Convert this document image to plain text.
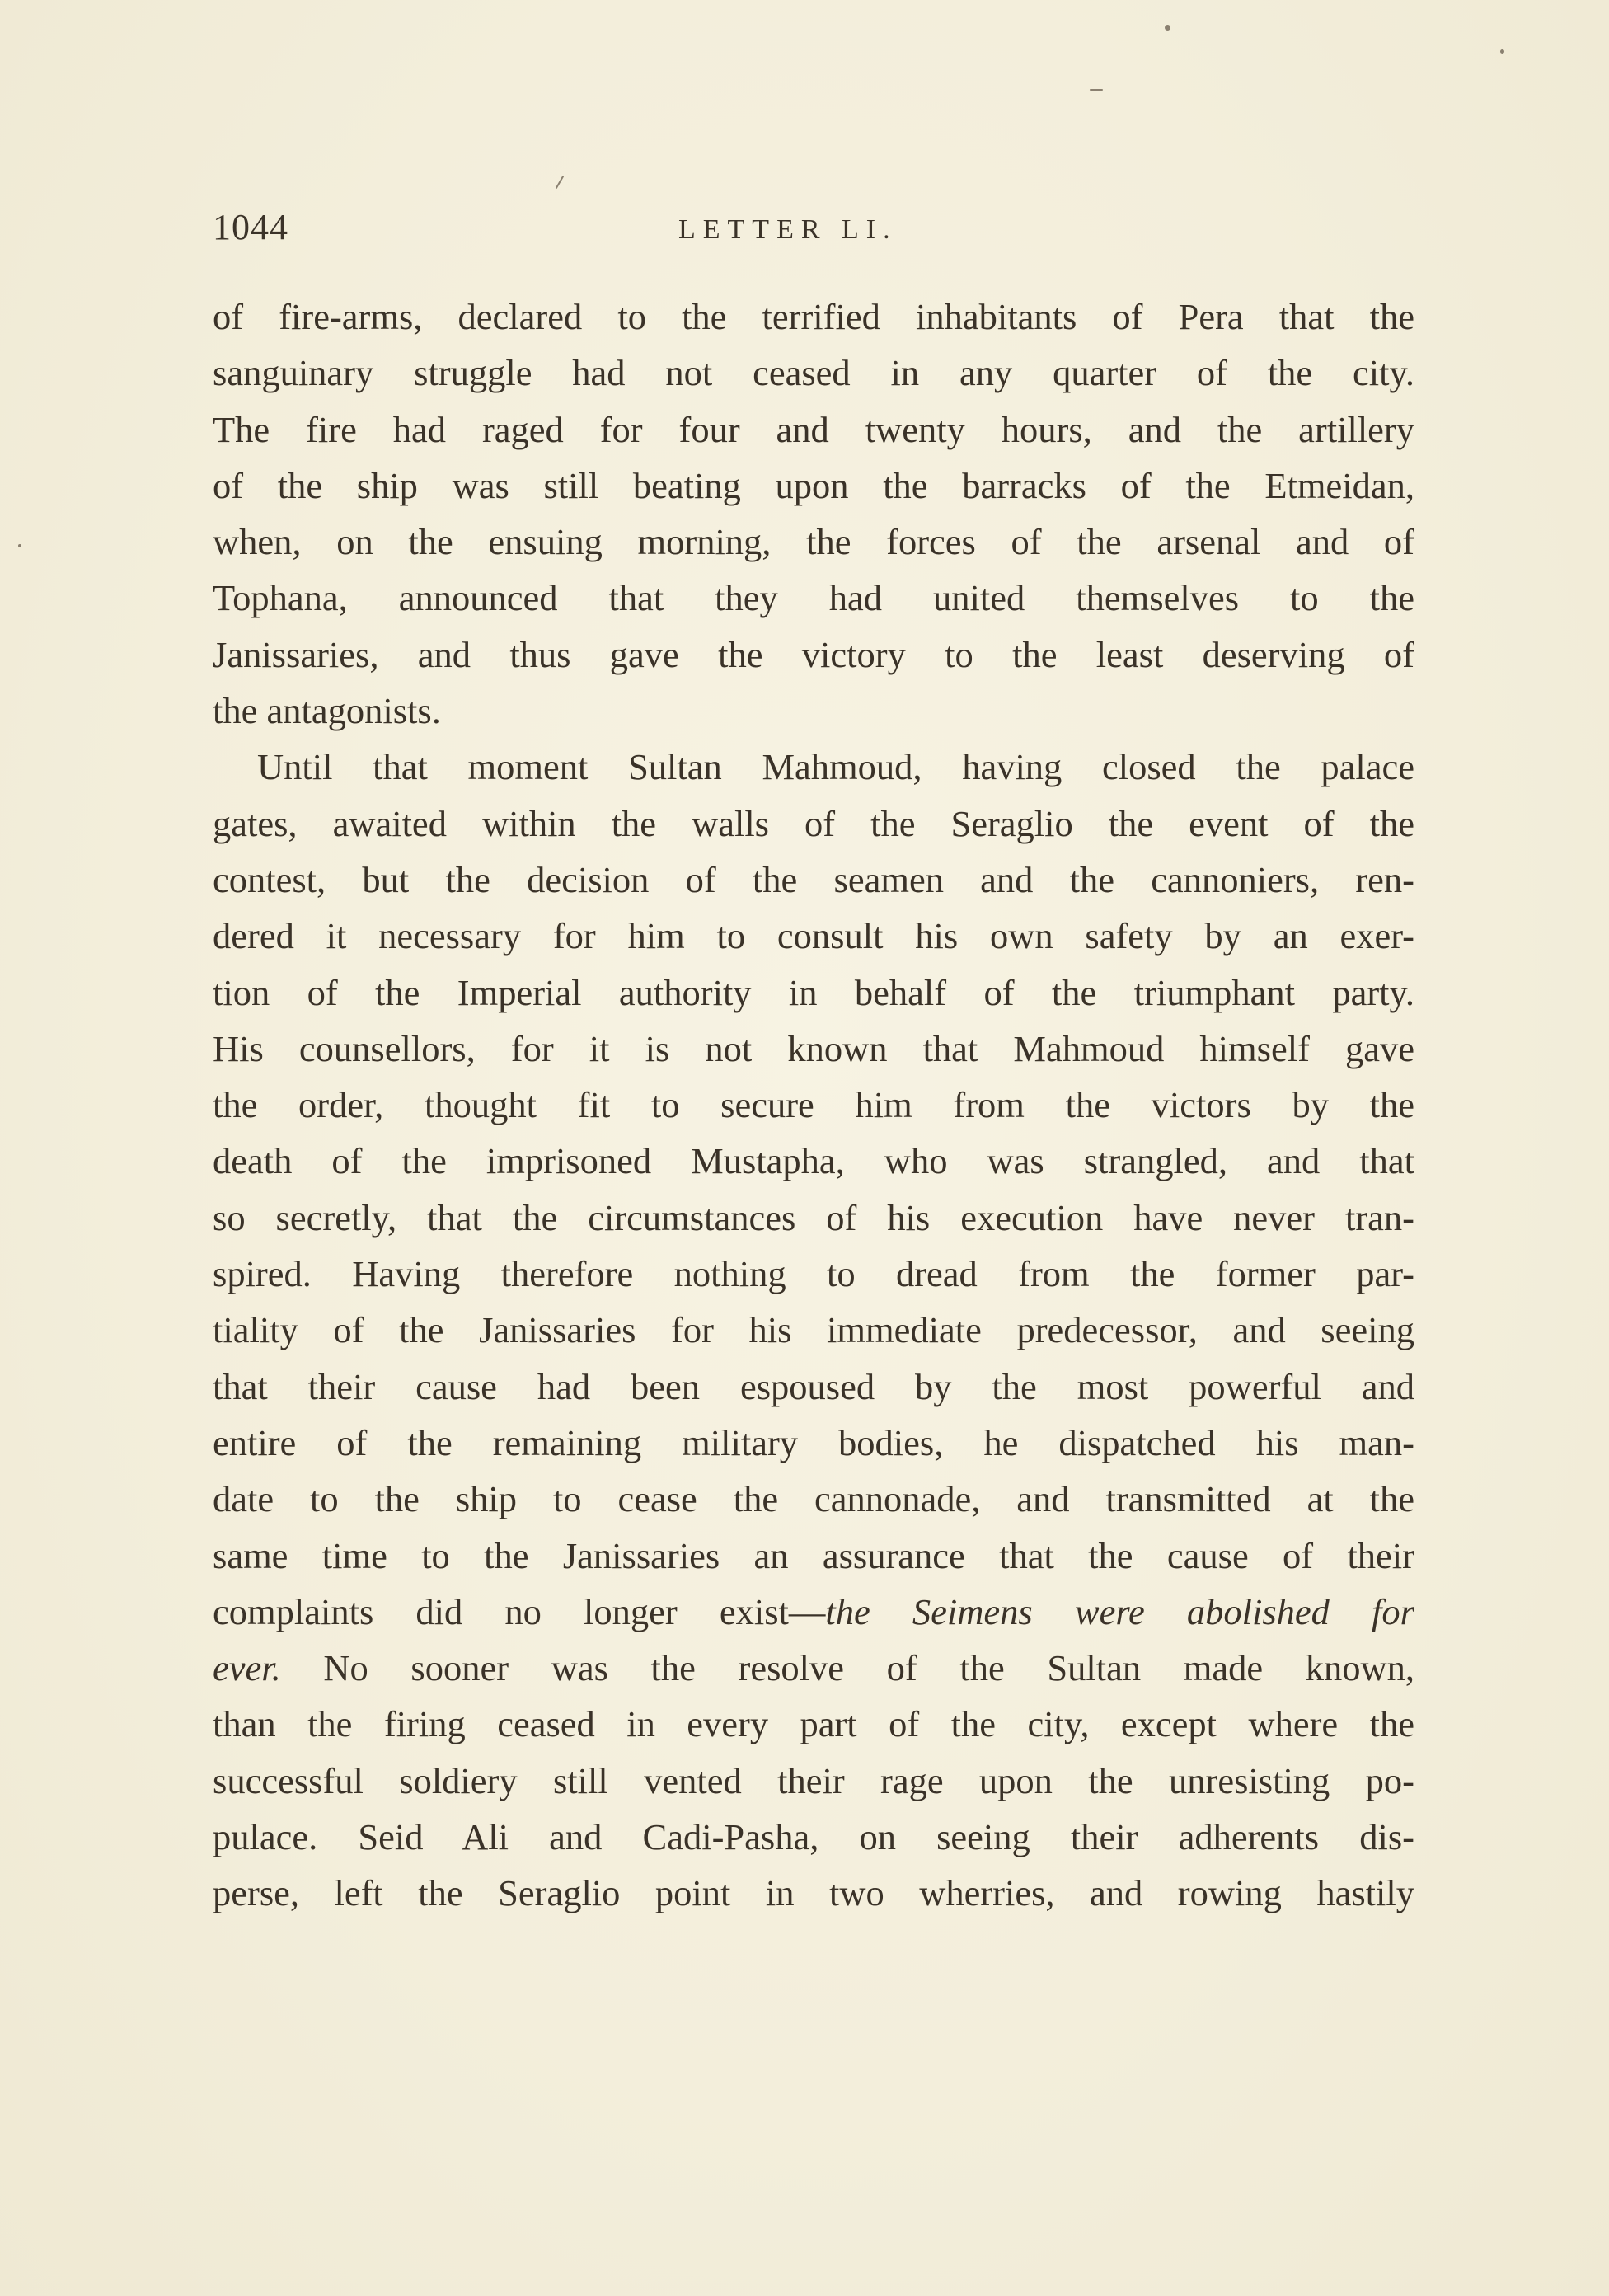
1044	LETTER LI.
of fire-arms, declared to the terrified inhabitants of Pera that the
sanguinary struggle had not ceased in any quarter of the city.
The fire had raged for four and twenty hours, and the artillery
of the ship was still beating upon the barracks of the Etmeidan,
when, on the ensuing morning, the forces of the arsenal and of
Tophana, announced that they had united themselves to the
Janissaries, and thus gave the victory to the least deserving of
the antagonists.
Until that moment Sultan Mahmoud, having closed the palace
gates, awaited within the walls of the Seraglio the event of the
contest, but the decision of the seamen and the cannoniers, ren-
dered it necessary for him to consult his own safety by an exer-
tion of the Imperial authority in behalf of the triumphant party.
His counsellors, for it is not known that Mahmoud himself gave
the order, thought fit to secure him from the victors by the
death of the imprisoned Mustapha, who was strangled, and that
so secretly, that the circumstances of his execution have never tran-
spired. Having therefore nothing to dread from the former par-
tiality of the Janissaries for his immediate predecessor, and seeing
that their cause had been espoused by the most powerful and
entire of the remaining military bodies, he dispatched his man-
date to the ship to cease the cannonade, and transmitted at the
same time to the Janissaries an assurance that the cause of their
complaints did no longer exist—the Seimens were abolished for
ever. No sooner was the resolve of the Sultan made known,
than the firing ceased in every part of the city, except where the
successful soldiery still vented their rage upon the unresisting po-
pulace. Seid Ali and Cadi-Pasha, on seeing their adherents dis-
perse, left the Seraglio point in two wherries, and rowing hastily
